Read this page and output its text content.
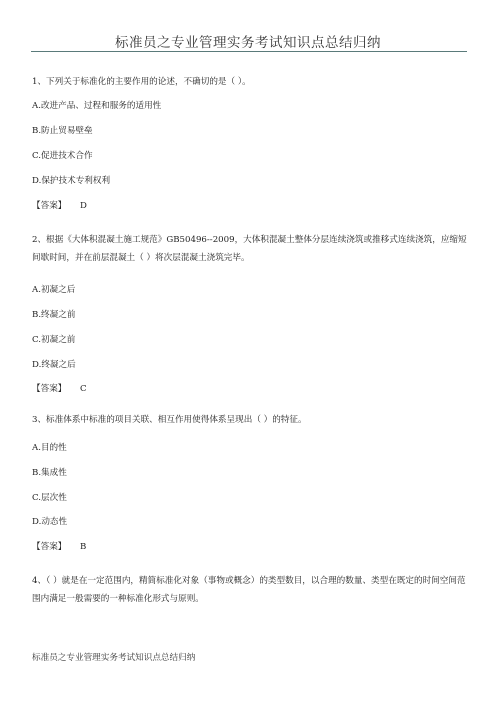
标准员之专业管理实务考试知识点总结归纳
1、下列关于标准化的主要作用的论述，不确切的是（ ）。
A.改进产品、过程和服务的适用性
B.防止贸易壁垒
C.促进技术合作
D.保护技术专利权利
【答案】 D
2、根据《大体积混凝土施工规范》GB50496--2009，大体积混凝土整体分层连续浇筑或推移式连续浇筑，应缩短间歇时间，并在前层混凝土（ ）将次层混凝土浇筑完毕。
A.初凝之后
B.终凝之前
C.初凝之前
D.终凝之后
【答案】 C
3、标准体系中标准的项目关联、相互作用使得体系呈现出（ ）的特征。
A.目的性
B.集成性
C.层次性
D.动态性
【答案】 B
4、（ ）就是在一定范围内，精简标准化对象（事物或概念）的类型数目，以合理的数量、类型在既定的时间空间范围内满足一般需要的一种标准化形式与原则。
标准员之专业管理实务考试知识点总结归纳
